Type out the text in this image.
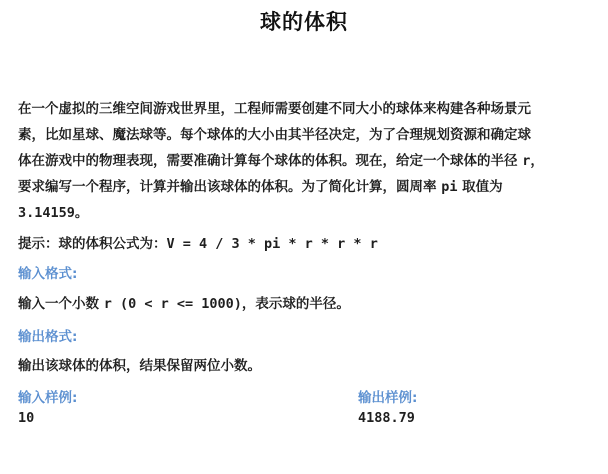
球的体积
在一个虚拟的三维空间游戏世界里，工程师需要创建不同大小的球体来构建各种场景元
素，比如星球、魔法球等。每个球体的大小由其半径决定，为了合理规划资源和确定球
体在游戏中的物理表现，需要准确计算每个球体的体积。现在，给定一个球体的半径 r，
要求编写一个程序，计算并输出该球体的体积。为了简化计算，圆周率 pi 取值为
3.14159。
提示：球的体积公式为：V = 4 / 3 * pi * r * r * r
输入格式:
输入一个小数 r (0 < r <= 1000)，表示球的半径。
输出格式:
输出该球体的体积，结果保留两位小数。
输入样例:
10
输出样例:
4188.79
